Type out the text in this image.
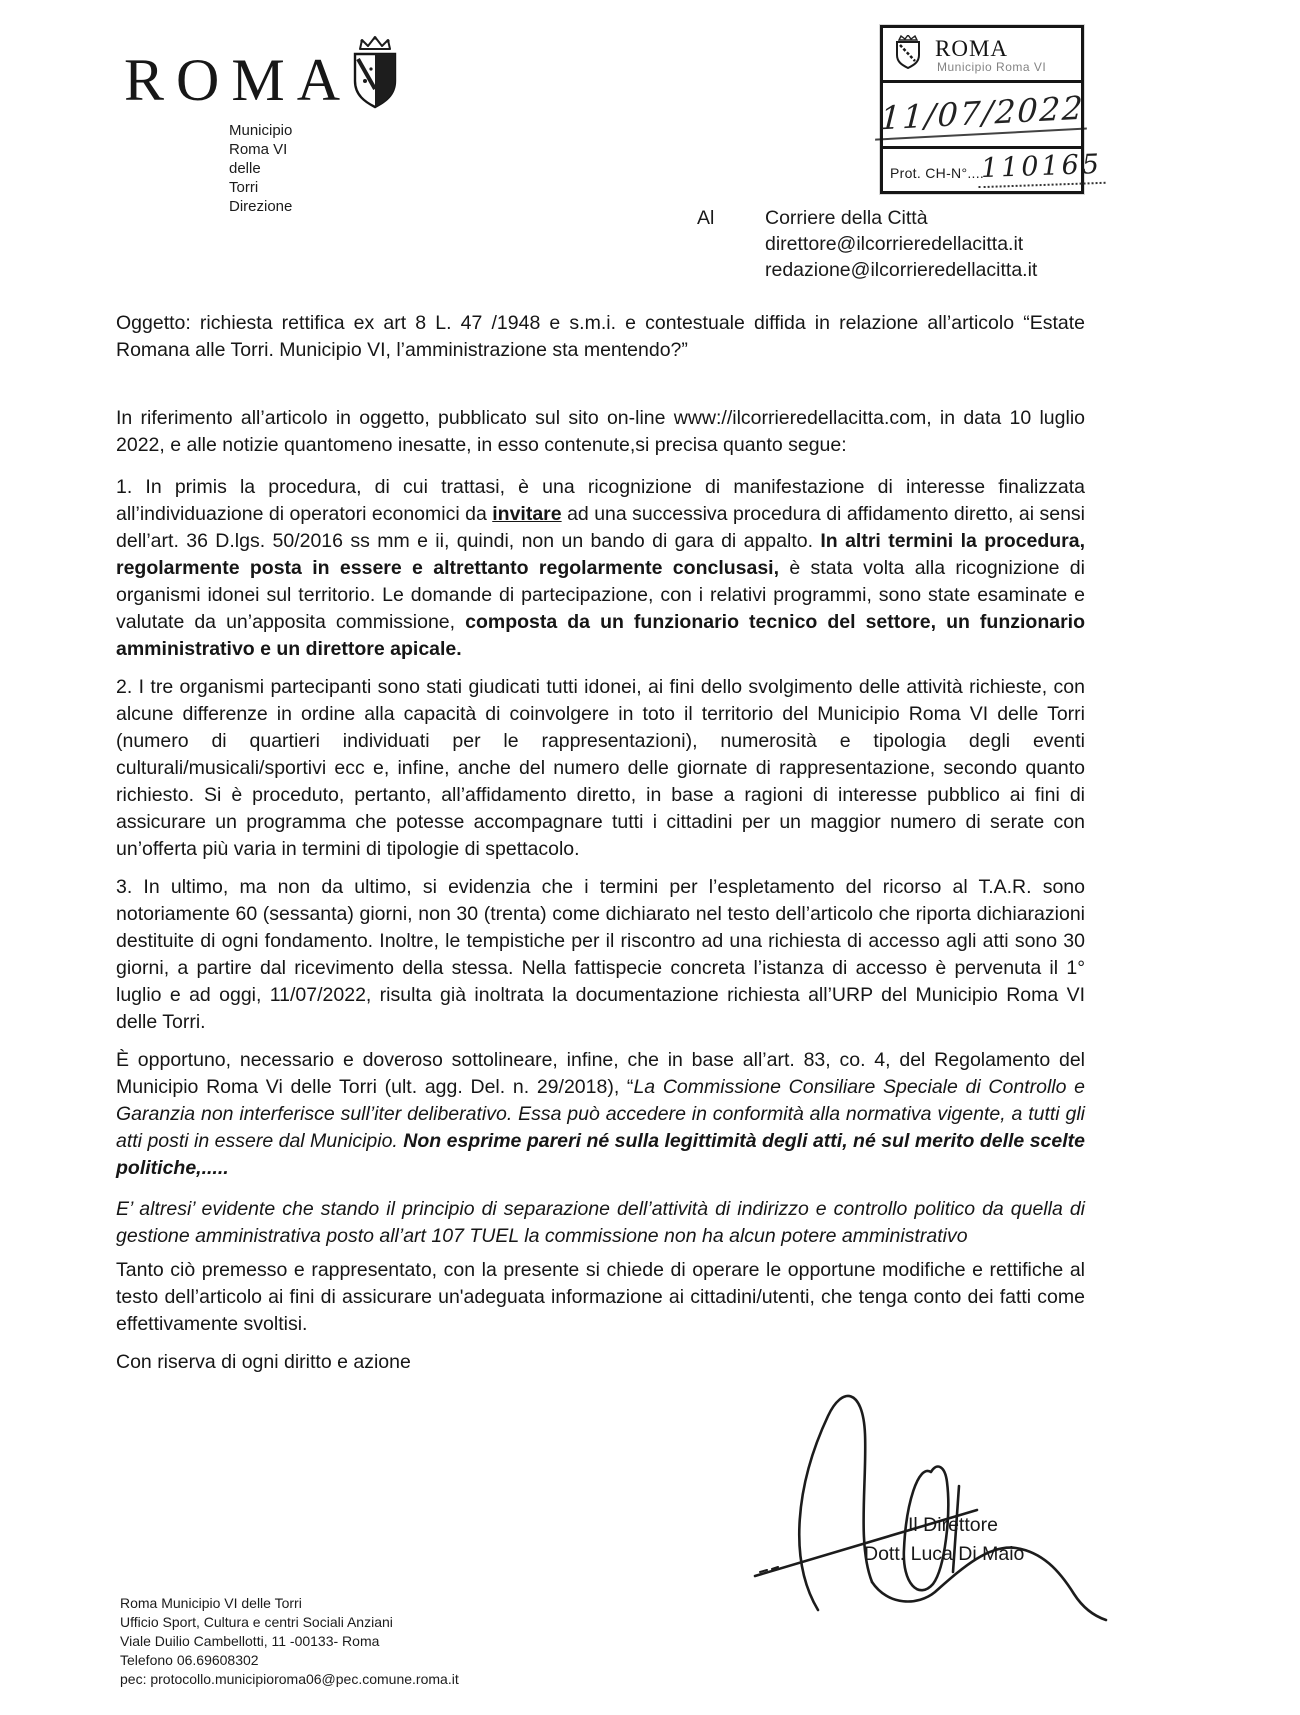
ROMA
Municipio Roma VI delle Torri
Direzione
ROMA
Municipio Roma VI
11/07/2022
Prot. CH-N°....
110165
Al	Corriere della Città
direttore@ilcorrieredellacitta.it
redazione@ilcorrieredellacitta.it

Oggetto: richiesta rettifica ex art 8 L. 47 /1948 e s.m.i. e contestuale diffida in relazione all’articolo “Estate Romana alle Torri. Municipio VI, l’amministrazione sta mentendo?”

In riferimento all’articolo in oggetto, pubblicato sul sito on-line www://ilcorrieredellacitta.com, in data 10 luglio 2022, e alle notizie quantomeno inesatte, in esso contenute,si precisa quanto segue:

1. In primis la procedura, di cui trattasi, è una ricognizione di manifestazione di interesse finalizzata all’individuazione di operatori economici da invitare ad una successiva procedura di affidamento diretto, ai sensi dell’art. 36 D.lgs. 50/2016 ss mm e ii, quindi, non un bando di gara di appalto. In altri termini la procedura, regolarmente posta in essere e altrettanto regolarmente conclusasi, è stata volta alla ricognizione di organismi idonei sul territorio. Le domande di partecipazione, con i relativi programmi, sono state esaminate e valutate da un’apposita commissione, composta da un funzionario tecnico del settore, un funzionario amministrativo e un direttore apicale.

2. I tre organismi partecipanti sono stati giudicati tutti idonei, ai fini dello svolgimento delle attività richieste, con alcune differenze in ordine alla capacità di coinvolgere in toto il territorio del Municipio Roma VI delle Torri (numero di quartieri individuati per le rappresentazioni), numerosità e tipologia degli eventi culturali/musicali/sportivi ecc e, infine, anche del numero delle giornate di rappresentazione, secondo quanto richiesto. Si è proceduto, pertanto, all’affidamento diretto, in base a ragioni di interesse pubblico ai fini di assicurare un programma che potesse accompagnare tutti i cittadini per un maggior numero di serate con un’offerta più varia in termini di tipologie di spettacolo.

3. In ultimo, ma non da ultimo, si evidenzia che i termini per l’espletamento del ricorso al T.A.R. sono notoriamente 60 (sessanta) giorni, non 30 (trenta) come dichiarato nel testo dell’articolo che riporta dichiarazioni destituite di ogni fondamento. Inoltre, le tempistiche per il riscontro ad una richiesta di accesso agli atti sono 30 giorni, a partire dal ricevimento della stessa. Nella fattispecie concreta l’istanza di accesso è pervenuta il 1° luglio e ad oggi, 11/07/2022, risulta già inoltrata la documentazione richiesta all’URP del Municipio Roma VI delle Torri.

È opportuno, necessario e doveroso sottolineare, infine, che in base all’art. 83, co. 4, del Regolamento del Municipio Roma Vi delle Torri (ult. agg. Del. n. 29/2018), “La Commissione Consiliare Speciale di Controllo e Garanzia non interferisce sull’iter deliberativo. Essa può accedere in conformità alla normativa vigente, a tutti gli atti posti in essere dal Municipio. Non esprime pareri né sulla legittimità degli atti, né sul merito delle scelte politiche,.....

E’ altresi’ evidente che stando il principio di separazione dell’attività di indirizzo e controllo politico da quella di gestione amministrativa posto all’art 107 TUEL la commissione non ha alcun potere amministrativo

Tanto ciò premesso e rappresentato, con la presente si chiede di operare le opportune modifiche e rettifiche al testo dell’articolo ai fini di assicurare un'adeguata informazione ai cittadini/utenti, che tenga conto dei fatti come effettivamente svoltisi.

Con riserva di ogni diritto e azione

Il Direttore
Dott. Luca Di Maio
Roma Municipio VI delle Torri
Ufficio Sport, Cultura e centri Sociali Anziani
Viale Duilio Cambellotti, 11 -00133- Roma
Telefono 06.69608302
pec: protocollo.municipioroma06@pec.comune.roma.it
